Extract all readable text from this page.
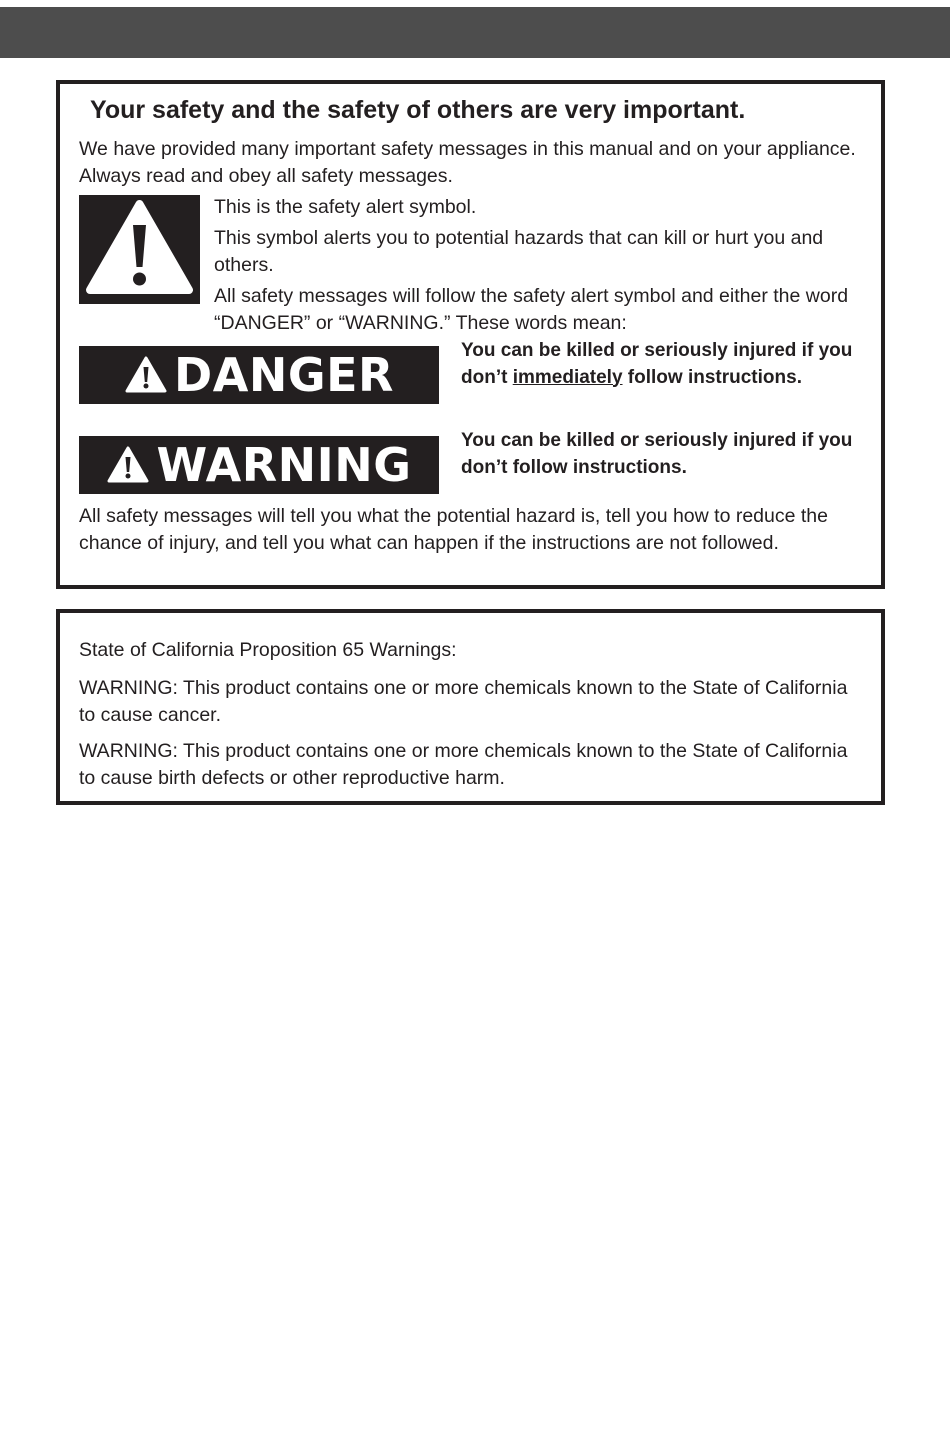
Your safety and the safety of others are very important.

We have provided many important safety messages in this manual and on your appliance. Always read and obey all safety messages.

This is the safety alert symbol.

This symbol alerts you to potential hazards that can kill or hurt you and others.

All safety messages will follow the safety alert symbol and either the word “DANGER” or “WARNING.” These words mean:

DANGER	You can be killed or seriously injured if you don’t immediately follow instructions.

WARNING	You can be killed or seriously injured if you don’t follow instructions.

All safety messages will tell you what the potential hazard is, tell you how to reduce the chance of injury, and tell you what can happen if the instructions are not followed.

State of California Proposition 65 Warnings:

WARNING: This product contains one or more chemicals known to the State of California to cause cancer.

WARNING: This product contains one or more chemicals known to the State of California to cause birth defects or other reproductive harm.
